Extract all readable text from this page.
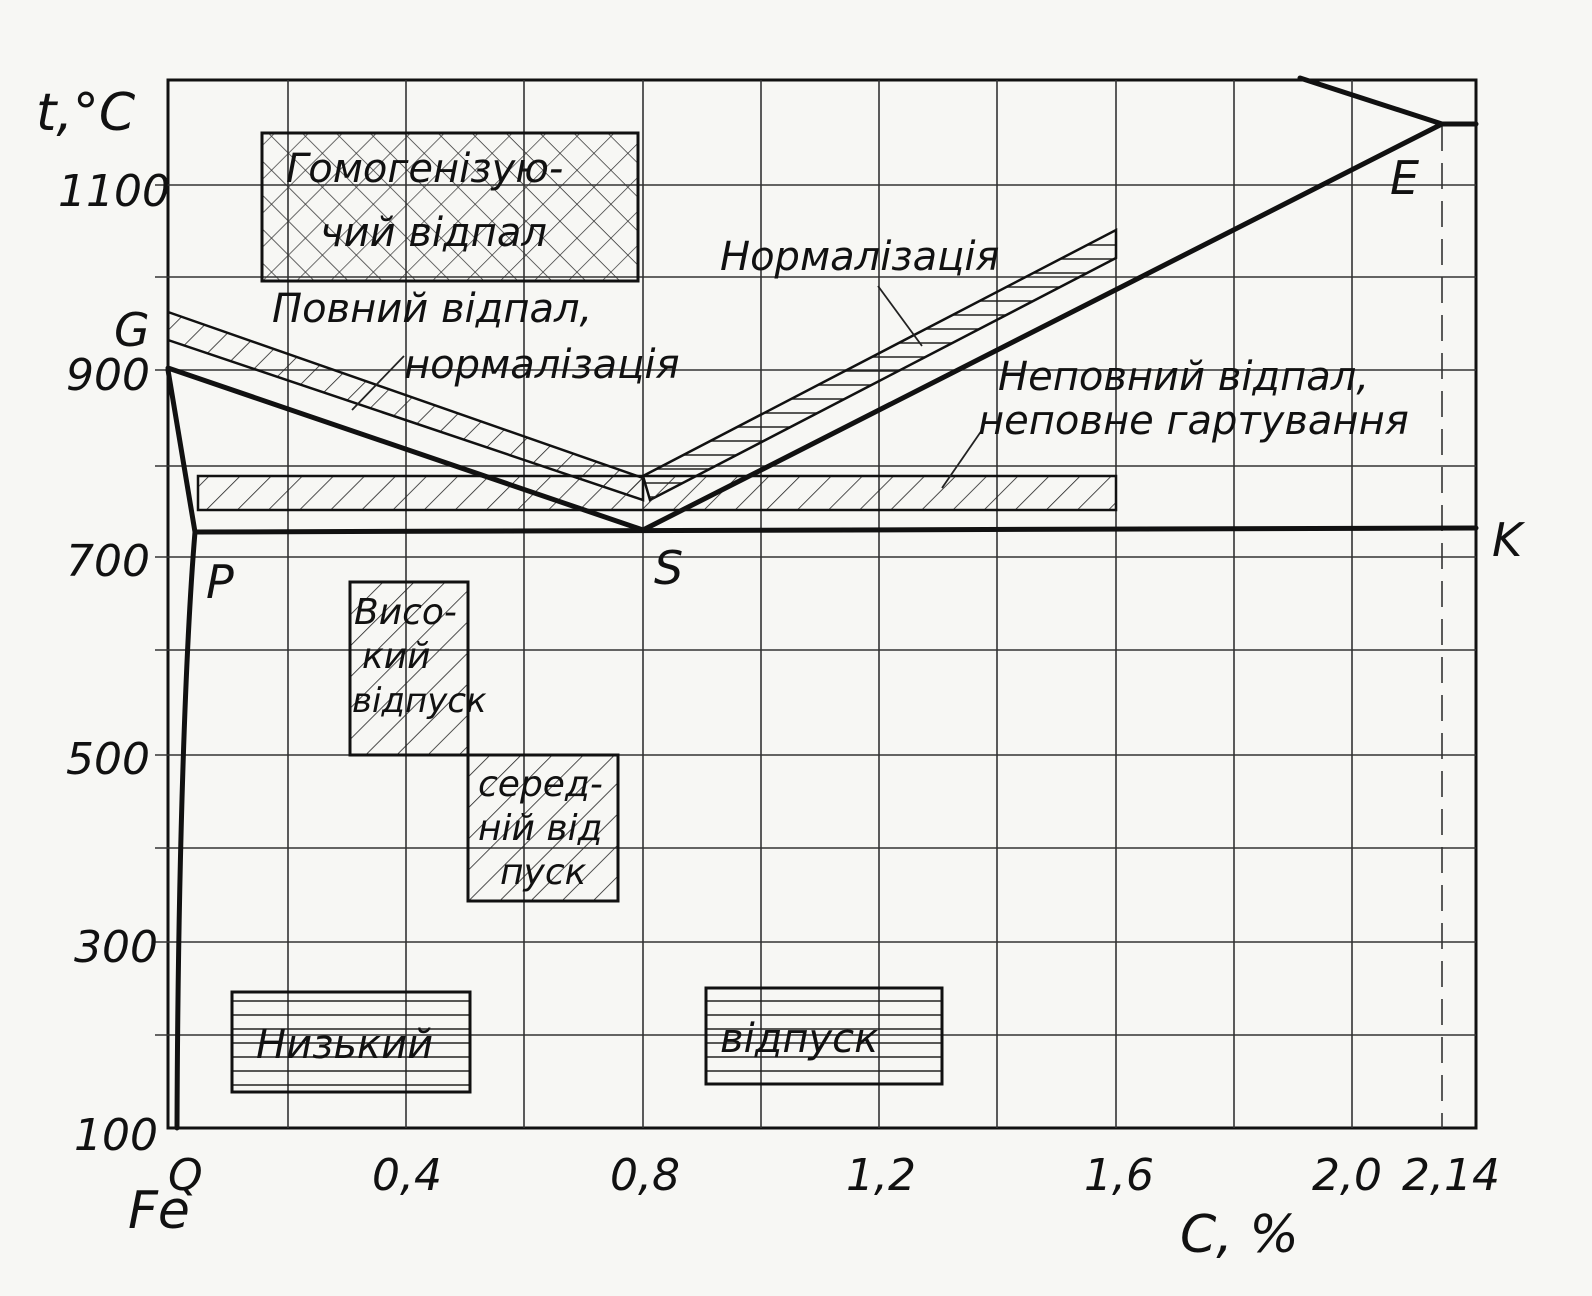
t,°C
C, %
Fe
1100
900
700
500
300
100
Q	0,4	0,8	1,2	1,6	2,0 2,14
G
P	S
E
K
Гомогенізую-
чий відпал
Повний відпал,
нормалізація
Нормалізація
Неповний відпал,
неповне гартування
Висо-
кий
відпуск
серед-
ній від
пуск
Низький	відпуск
